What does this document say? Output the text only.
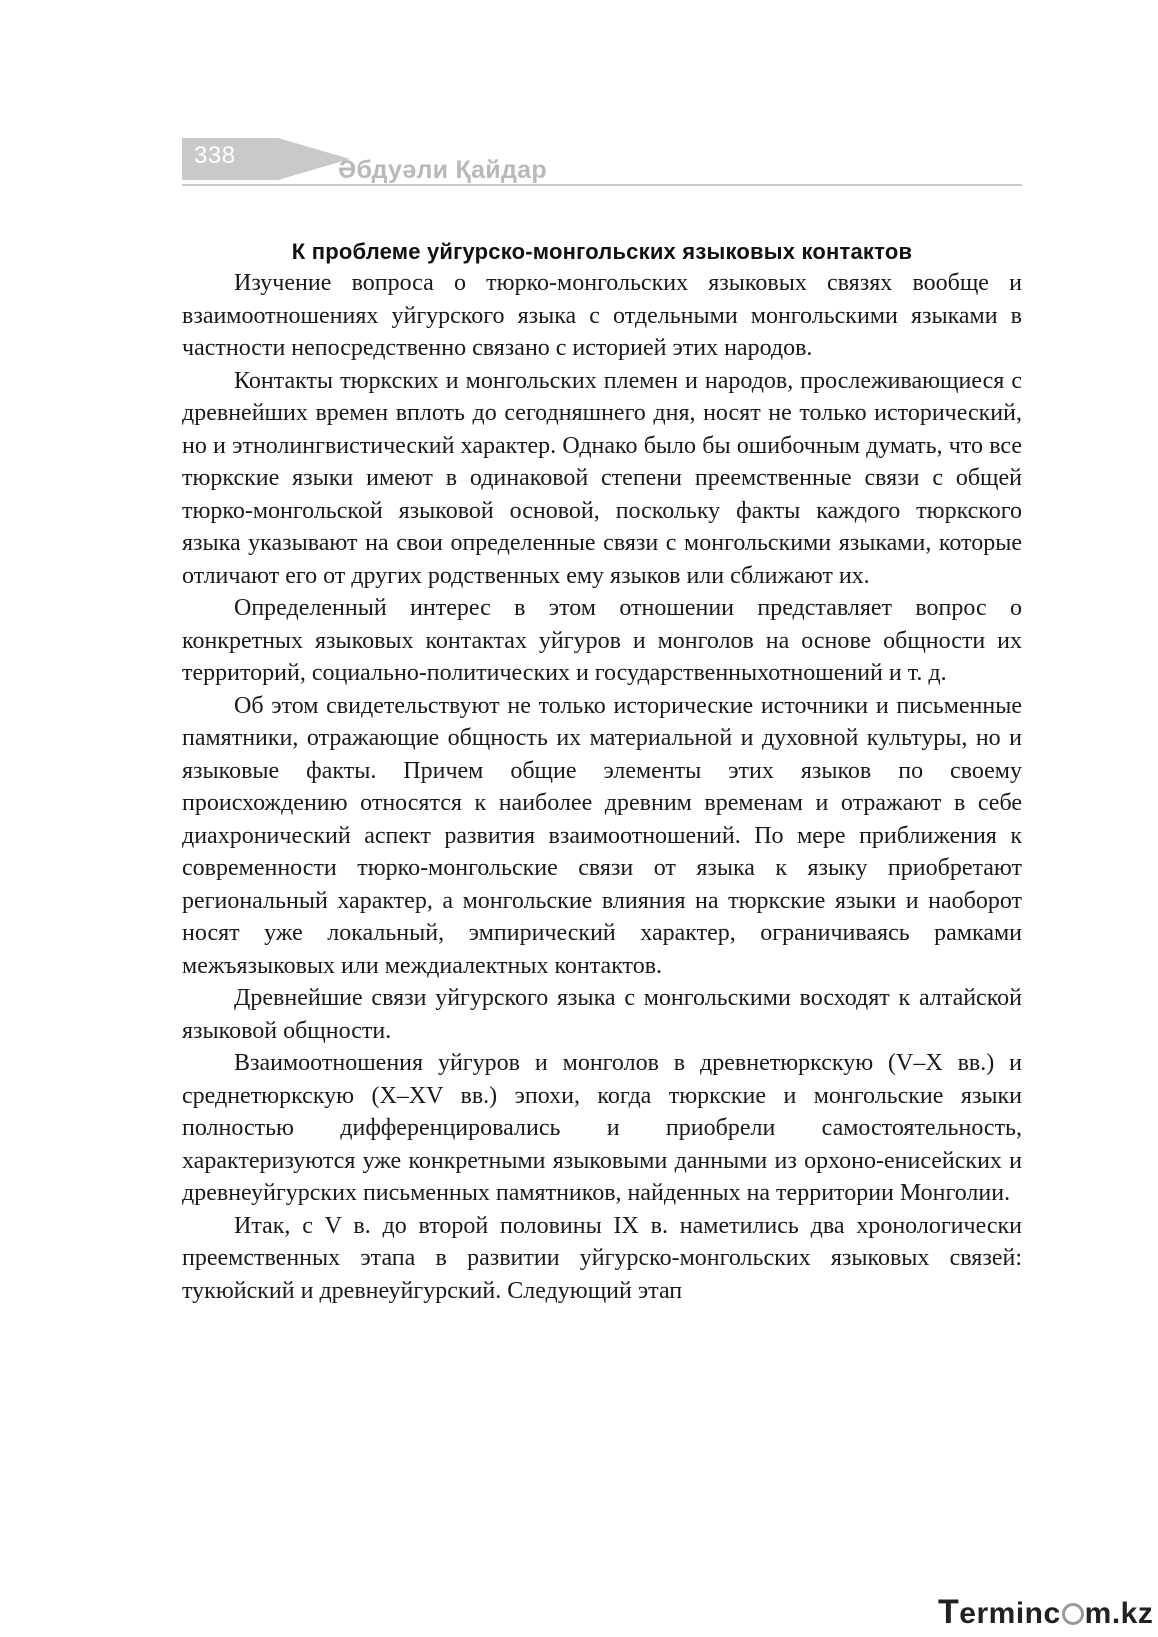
338
Әбдуәли Қайдар
К проблеме уйгурско-монгольских языковых контактов

Изучение вопроса о тюрко-монгольских языковых связях вообще и взаимоотношениях уйгурского языка с отдельными монгольскими языками в частности непосредственно связано с историей этих народов.

Контакты тюркских и монгольских племен и народов, прослеживающиеся с древнейших времен вплоть до сегодняшнего дня, носят не только исторический, но и этнолингвистический характер. Однако было бы ошибочным думать, что все тюркские языки имеют в одинаковой степени преемственные связи с общей тюрко-монгольской языковой основой, поскольку факты каждого тюркского языка указывают на свои определенные связи с монгольскими языками, которые отличают его от других родственных ему языков или сближают их.

Определенный интерес в этом отношении представляет вопрос о конкретных языковых контактах уйгуров и монголов на основе общности их территорий, социально-политических и государственныхотношений и т. д.

Об этом свидетельствуют не только исторические источники и письменные памятники, отражающие общность их материальной и духовной культуры, но и языковые факты. Причем общие элементы этих языков по своему происхождению относятся к наиболее древним временам и отражают в себе диахронический аспект развития взаимоотношений. По мере приближения к современности тюрко-монгольские связи от языка к языку приобретают региональный характер, а монгольские влияния на тюркские языки и наоборот носят уже локальный, эмпирический характер, ограничиваясь рамками межъязыковых или междиалектных контактов.

Древнейшие связи уйгурского языка с монгольскими восходят к алтайской языковой общности.

Взаимоотношения уйгуров и монголов в древнетюркскую (V–X вв.) и среднетюркскую (X–XV вв.) эпохи, когда тюркские и монгольские языки полностью дифференцировались и приобрели самостоятельность, характеризуются уже конкретными языковыми данными из орхоно-енисейских и древнеуйгурских письменных памятников, найденных на территории Монголии.

Итак, с V в. до второй половины IX в. наметились два хронологически преемственных этапа в развитии уйгурско-монгольских языковых связей: тукюйский и древнеуйгурский. Следующий этап

Terminc m.kz
